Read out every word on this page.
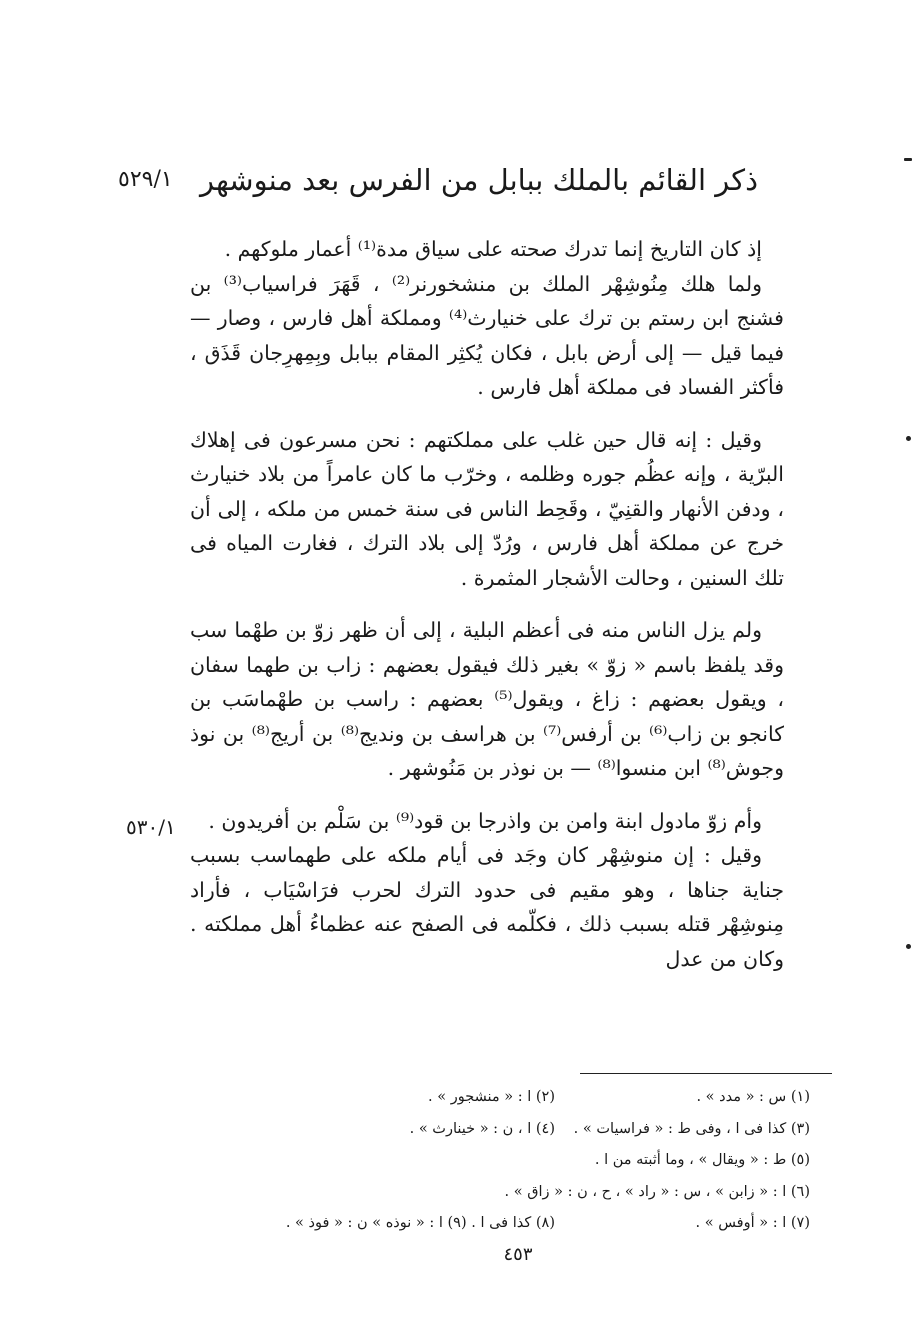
ذكر القائم بالملك ببابل من الفرس بعد منوشهر
٥٢٩/١

إذ كان التاريخ إنما تدرك صحته على سياق مدة⁽¹⁾ أعمار ملوكهم .

ولما هلك مِنُوشِهْر الملك بن منشخورنر⁽²⁾ ، قَهَرَ فراسياب⁽³⁾ بن فشنج ابن رستم بن ترك على خنيارث⁽⁴⁾ ومملكة أهل فارس ، وصار — فيما قيل — إلى أرض بابل ، فكان يُكثِر المقام ببابل وبِمِهرِجان قَذَق ، فأكثر الفساد فى مملكة أهل فارس .

وقيل : إنه قال حين غلب على مملكتهم : نحن مسرعون فى إهلاك البرّية ، وإنه عظُم جوره وظلمه ، وخرّب ما كان عامراً من بلاد خنيارث ، ودفن الأنهار والقنِيّ ، وقَحِط الناس فى سنة خمس من ملكه ، إلى أن خرج عن مملكة أهل فارس ، ورُدّ إلى بلاد الترك ، فغارت المياه فى تلك السنين ، وحالت الأشجار المثمرة .

ولم يزل الناس منه فى أعظم البلية ، إلى أن ظهر زوّ بن طهْما سب وقد يلفظ باسم « زوّ » بغير ذلك فيقول بعضهم : زاب بن طهما سفان ، ويقول بعضهم : زاغ ، ويقول⁽⁵⁾ بعضهم : راسب بن طهْماسَب بن كانجو بن زاب⁽⁶⁾ بن أرفس⁽⁷⁾ بن هراسف بن ونديج⁽⁸⁾ بن أريج⁽⁸⁾ بن نوذ وجوش⁽⁸⁾ ابن منسوا⁽⁸⁾ — بن نوذر بن مَنُوشهر .

وأم زوّ مادول ابنة وامن بن واذرجا بن قود⁽⁹⁾ بن سَلْم بن أفريدون .

وقيل : إن منوشِهْر كان وجَد فى أيام ملكه على طهماسب بسبب جناية جناها ، وهو مقيم فى حدود الترك لحرب فرَاسْيَاب ، فأراد مِنوشِهْر قتله بسبب ذلك ، فكلّمه فى الصفح عنه عظماءُ أهل مملكته . وكان من عدل

٥٣٠/١
(١) س : « مدد » .
(٢) ا : « منشجور » .
(٣) كذا فى ا ، وفى ط : « فراسيات » .
(٤) ا ، ن : « خينارث » .
(٥) ط : « ويقال » ، وما أثبته من ا .
(٦) ا : « زابن » ، س : « راد » ، ح ، ن : « زاق » .
(٧) ا : « أوفس » .
(٨) كذا فى ا . (٩) ا : « نوذه » ن : « فوذ » .
٤٥٣
